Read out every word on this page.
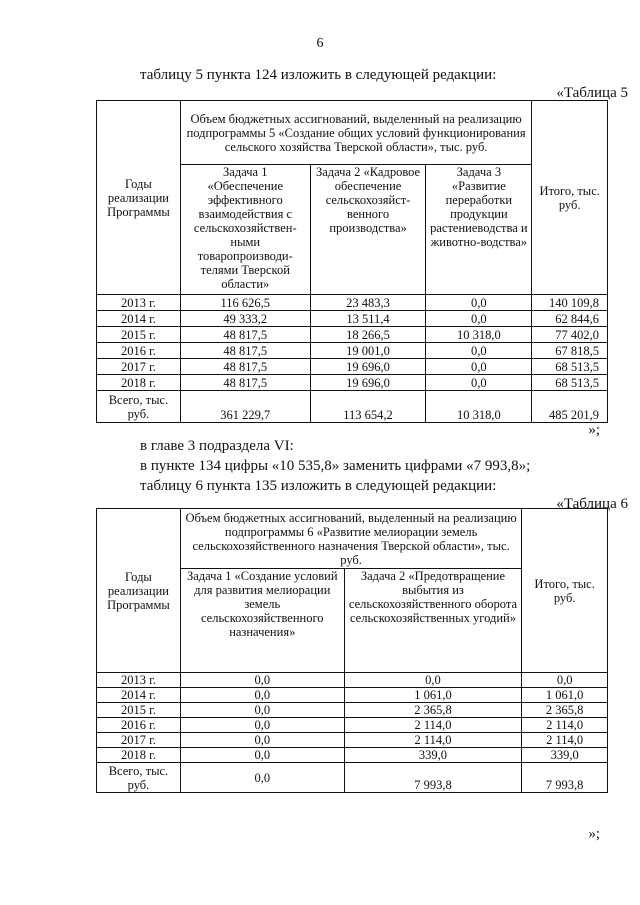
6
таблицу 5 пункта 124 изложить в следующей редакции:
«Таблица 5
Годы реализации Программы	Объем бюджетных ассигнований, выделенный на реализацию подпрограммы 5 «Создание общих условий функционирования сельского хозяйства Тверской области», тыс. руб.			Итого, тыс. руб.
	Задача 1 «Обеспечение эффективного взаимодействия с сельскохозяйствен-ными товаропроизводи-телями Тверской области»	Задача 2 «Кадровое обеспечение сельскохозяйст-венного производства»	Задача 3 «Развитие переработки продукции растениеводства и животно-водства»	
2013 г.	116 626,5	23 483,3	0,0	140 109,8
2014 г.	49 333,2	13 511,4	0,0	62 844,6
2015 г.	48 817,5	18 266,5	10 318,0	77 402,0
2016 г.	48 817,5	19 001,0	0,0	67 818,5
2017 г.	48 817,5	19 696,0	0,0	68 513,5
2018 г.	48 817,5	19 696,0	0,0	68 513,5
Всего, тыс. руб.	361 229,7	113 654,2	10 318,0	485 201,9
»;
в главе 3 подраздела VI:
в пункте 134 цифры «10 535,8» заменить цифрами «7 993,8»;
таблицу 6 пункта 135 изложить в следующей редакции:
«Таблица 6
Годы реализации Программы	Объем бюджетных ассигнований, выделенный на реализацию подпрограммы 6 «Развитие мелиорации земель сельскохозяйственного назначения Тверской области», тыс. руб.		Итого, тыс. руб.
	Задача 1 «Создание условий для развития мелиорации земель сельскохозяйственного назначения»	Задача 2 «Предотвращение выбытия из сельскохозяйственного оборота сельскохозяйственных угодий»	
2013 г.	0,0	0,0	0,0
2014 г.	0,0	1 061,0	1 061,0
2015 г.	0,0	2 365,8	2 365,8
2016 г.	0,0	2 114,0	2 114,0
2017 г.	0,0	2 114,0	2 114,0
2018 г.	0,0	339,0	339,0
Всего, тыс. руб.	0,0	7 993,8	7 993,8
»;
